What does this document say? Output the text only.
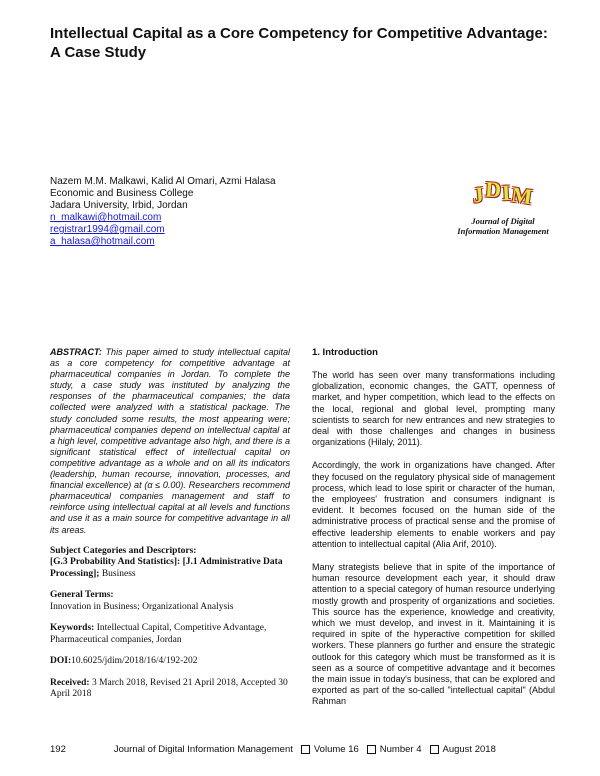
Intellectual Capital as a Core Competency for Competitive Advantage: A Case Study
Nazem M.M. Malkawi, Kalid Al Omari, Azmi Halasa
Economic and Business College
Jadara University, Irbid, Jordan
n_malkawi@hotmail.com
registrar1994@gmail.com
a_halasa@hotmail.com
J
D
I
M
Journal of Digital
Information Management

ABSTRACT: This paper aimed to study intellectual capital as a core competency for competitive advantage at pharmaceutical companies in Jordan. To complete the study, a case study was instituted by analyzing the responses of the pharmaceutical companies; the data collected were analyzed with a statistical package. The study concluded some results, the most appearing were; pharmaceutical companies depend on intellectual capital at a high level, competitive advantage also high, and there is a significant statistical effect of intellectual capital on competitive advantage as a whole and on all its indicators (leadership, human recourse, innovation, processes, and financial excellence) at (α ≤ 0.00). Researchers recommend pharmaceutical companies management and staff to reinforce using intellectual capital at all levels and functions and use it as a main source for competitive advantage in all its areas.

Subject Categories and Descriptors:
[G.3 Probability And Statistics]: [J.1 Administrative Data Processing]; Business

General Terms:
Innovation in Business; Organizational Analysis

Keywords: Intellectual Capital, Competitive Advantage, Pharmaceutical companies, Jordan

DOI:10.6025/jdim/2018/16/4/192-202

Received: 3 March 2018, Revised 21 April 2018, Accepted 30 April 2018

1. Introduction

The world has seen over many transformations including globalization, economic changes, the GATT, openness of market, and hyper competition, which lead to the effects on the local, regional and global level, prompting many scientists to search for new entrances and new strategies to deal with those challenges and changes in business organizations (Hilaly, 2011).

Accordingly, the work in organizations have changed. After they focused on the regulatory physical side of management process, which lead to lose spirit or character of the human, the employees' frustration and consumers indignant is evident. It becomes focused on the human side of the administrative process of practical sense and the promise of effective leadership elements to enable workers and pay attention to intellectual capital (Alia Arif, 2010).

Many strategists believe that in spite of the importance of human resource development each year, it should draw attention to a special category of human resource underlying mostly growth and prosperity of organizations and societies. This source has the experience, knowledge and creativity, which we must develop, and invest in it. Maintaining it is required in spite of the hyperactive competition for skilled workers. These planners go further and ensure the strategic outlook for this category which must be transformed as it is seen as a source of competitive advantage and it becomes the main issue in today's business, that can be explored and exported as part of the so-called "intellectual capital" (Abdul Rahman

192	Journal of Digital Information Management Volume 16 Number 4 August 2018
